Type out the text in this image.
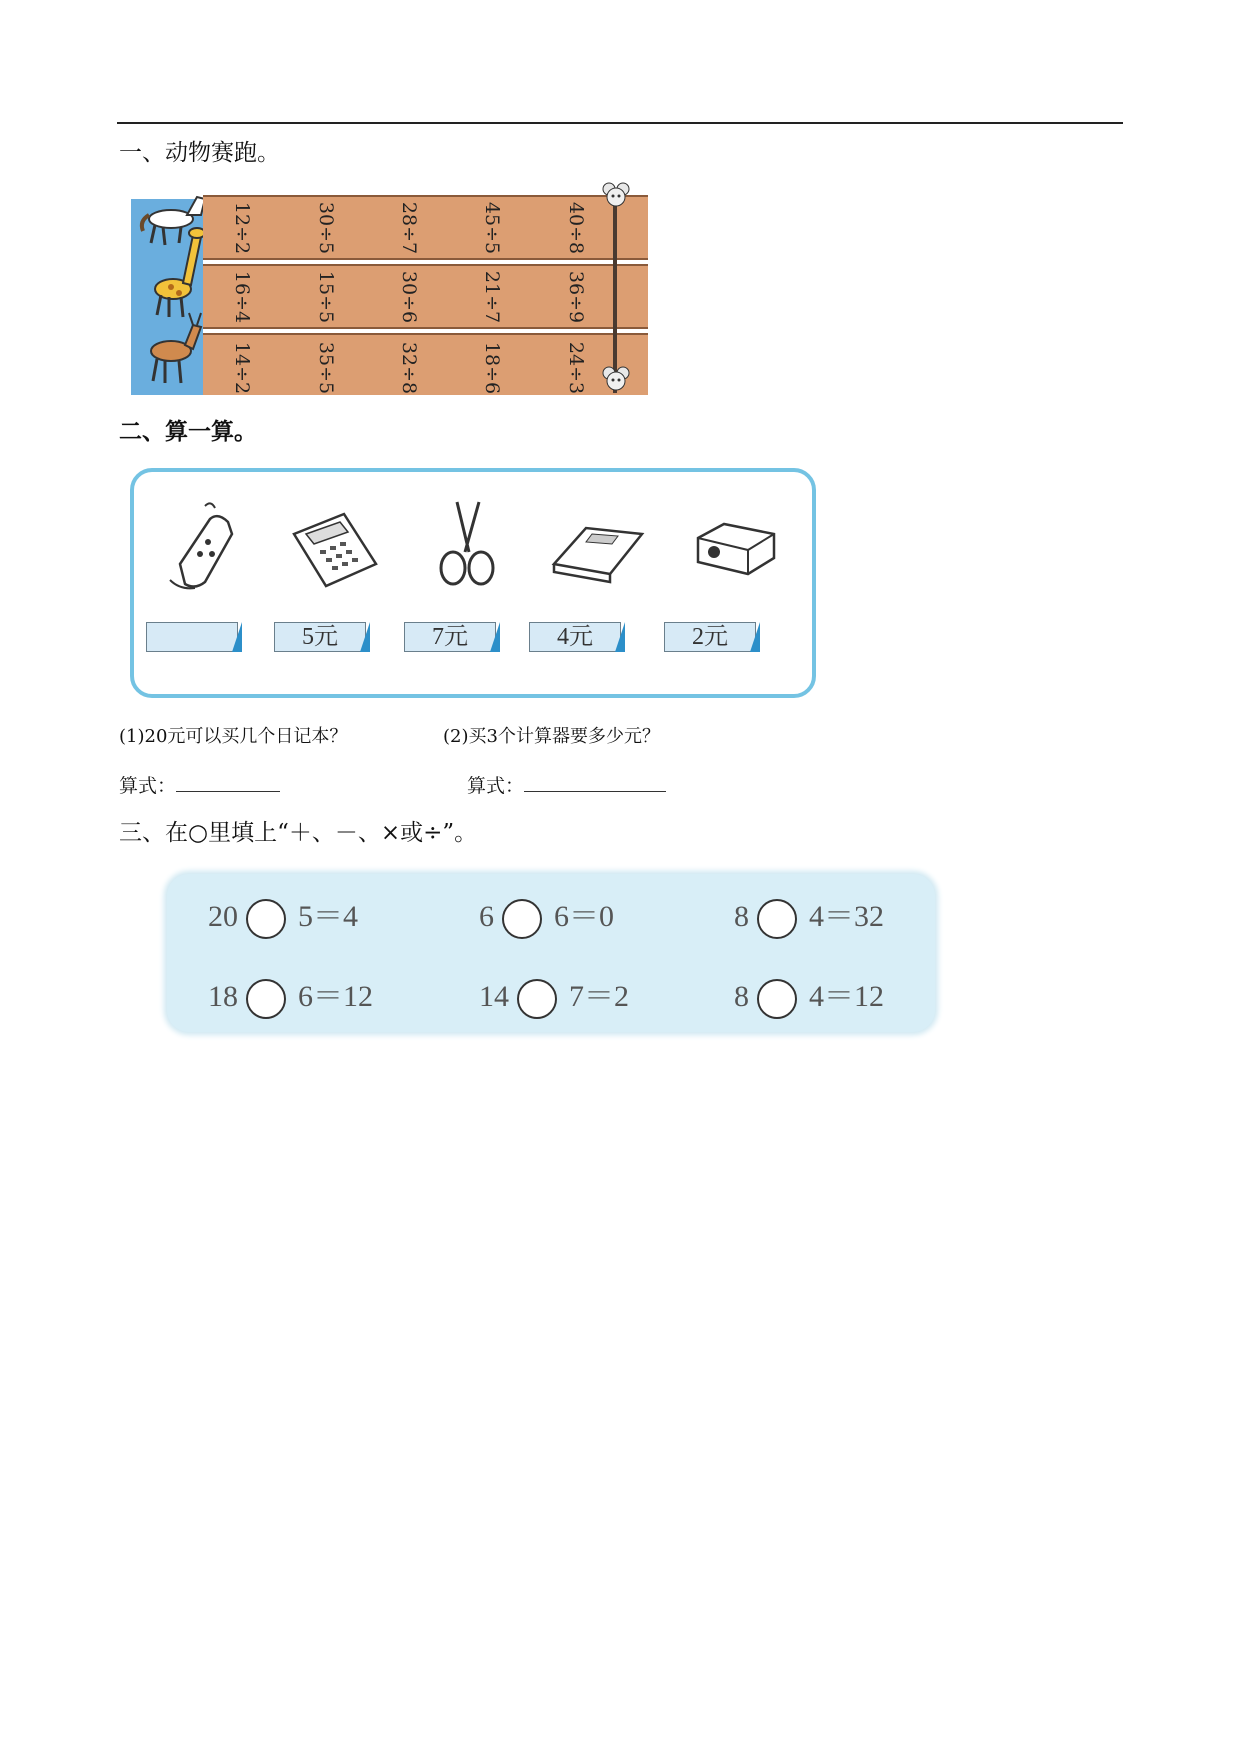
一、动物赛跑。
12÷2	30÷5	28÷7	45÷5	40÷8
16÷4	15÷5	30÷6	21÷7	36÷9
14÷2	35÷5	32÷8	18÷6	24÷3
二、算一算。
5元	7元	4元	2元
(1)20元可以买几个日记本？	(2)买3个计算器要多少元？
算式：	算式：
三、在○里填上“＋、－、×或÷”。
20 5＝4	6 6＝0	8 4＝32
18 6＝12	14 7＝2	8 4＝12
